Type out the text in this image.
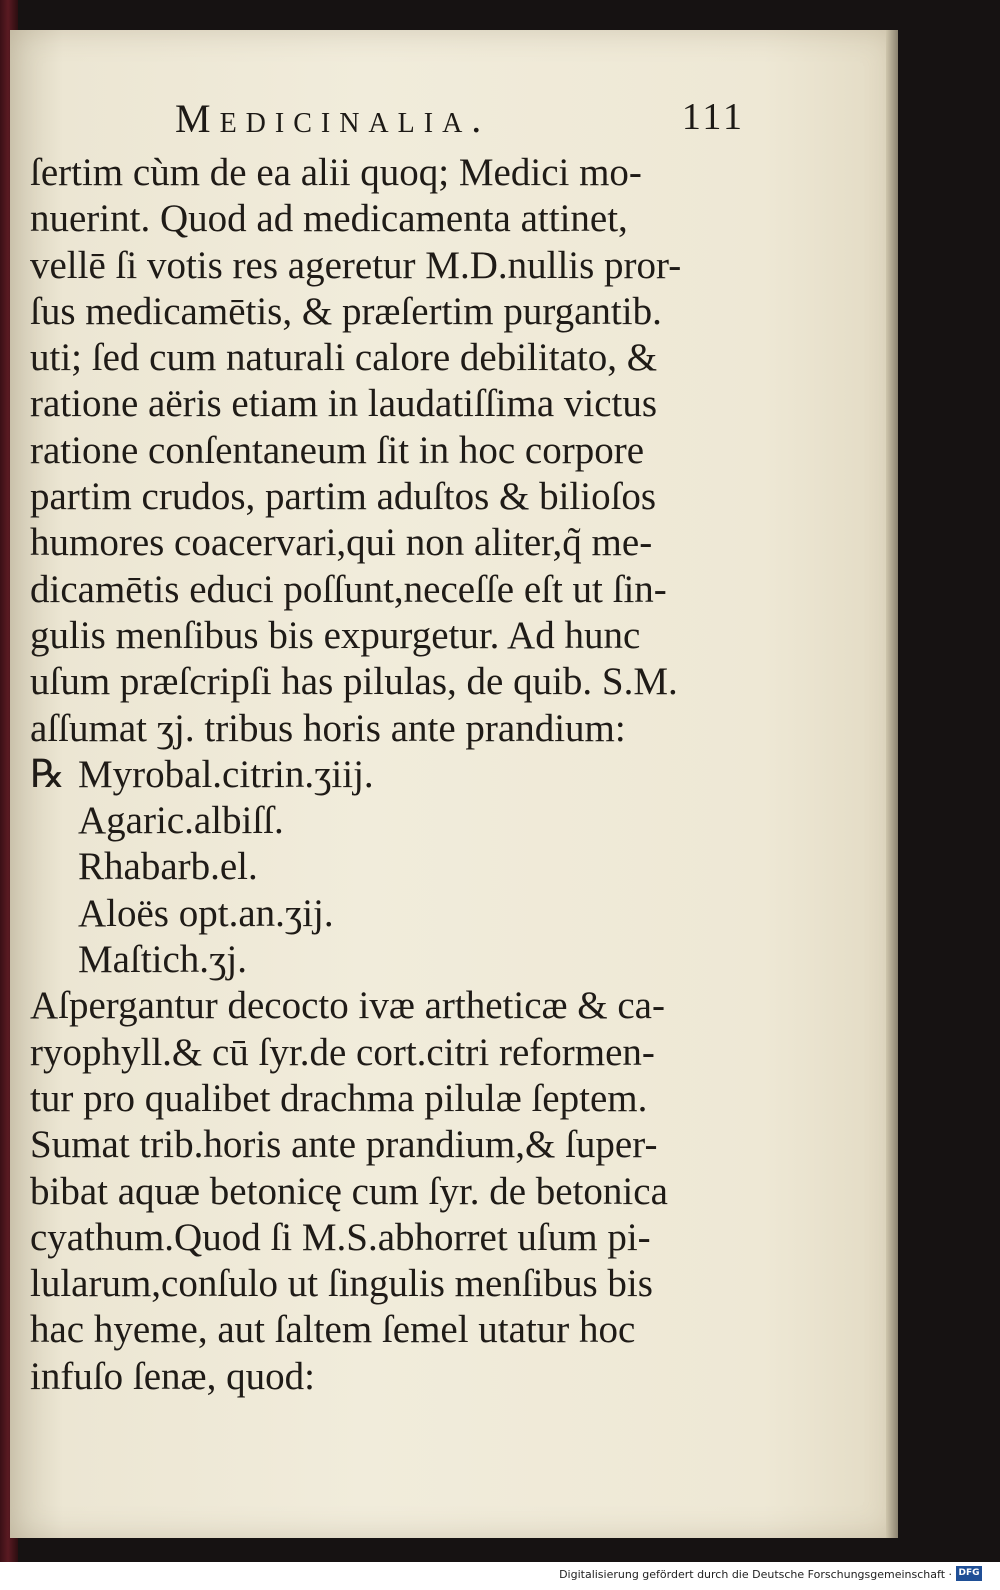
Medicinalia.	111
ſertim cùm de ea alii quoq; Medici mo-
nuerint. Quod ad medicamenta attinet,
vellē ſi votis res ageretur M.D.nullis pror-
ſus medicamētis, & præſertim purgantib.
uti; ſed cum naturali calore debilitato, &
ratione aëris etiam in laudatiſſima victus
ratione conſentaneum ſit in hoc corpore
partim crudos, partim aduſtos & bilioſos
humores coacervari,qui non aliter,q̃ me-
dicamētis educi poſſunt,neceſſe eſt ut ſin-
gulis menſibus bis expurgetur. Ad hunc
uſum præſcripſi has pilulas, de quib. S.M.
aſſumat ʒj. tribus horis ante prandium:
℞ Myrobal.citrin.ʒiij.
Agaric.albiſſ.
Rhabarb.el.
Aloës opt.an.ʒij.
Maſtich.ʒj.
Aſpergantur decocto ivæ artheticæ & ca-
ryophyll.& cū ſyr.de cort.citri reformen-
tur pro qualibet drachma pilulæ ſeptem.
Sumat trib.horis ante prandium,& ſuper-
bibat aquæ betonicę cum ſyr. de betonica
cyathum.Quod ſi M.S.abhorret uſum pi-
lularum,conſulo ut ſingulis menſibus bis
hac hyeme, aut ſaltem ſemel utatur hoc
infuſo ſenæ, quod:
Digitalisierung gefördert durch die Deutsche Forschungsgemeinschaft · DFG
